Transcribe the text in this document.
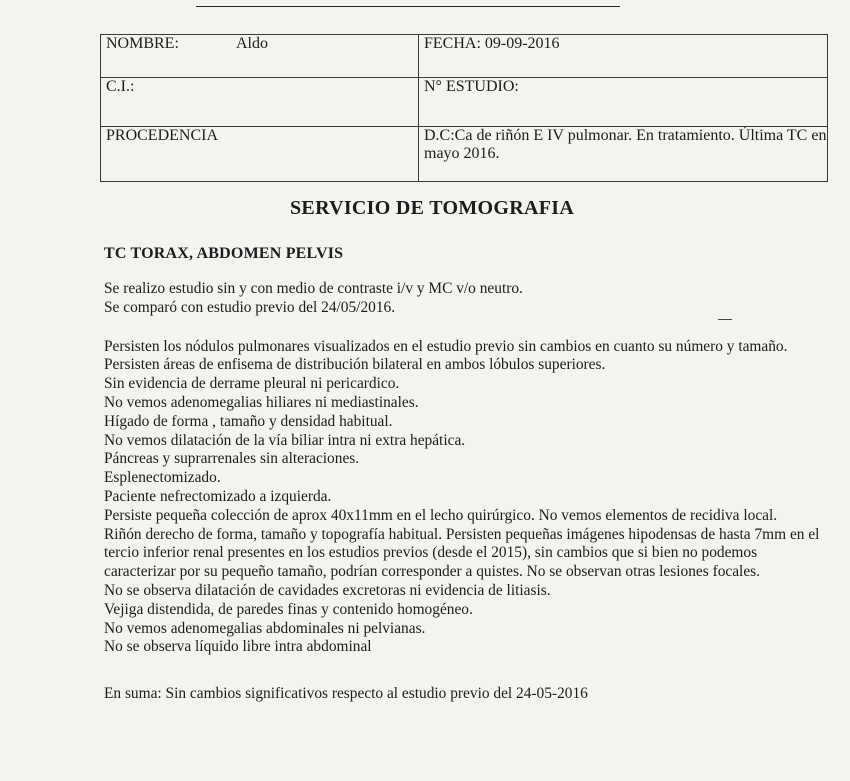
NOMBRE: Aldo	FECHA: 09-09-2016
C.I.:	N° ESTUDIO:
PROCEDENCIA	D.C:Ca de riñón E IV pulmonar. En tratamiento. Última TC en mayo 2016.
SERVICIO DE TOMOGRAFIA
TC TORAX, ABDOMEN PELVIS

Se realizo estudio sin y con medio de contraste i/v y MC v/o neutro.

Se comparó con estudio previo del 24/05/2016.

Persisten los nódulos pulmonares visualizados en el estudio previo sin cambios en cuanto su número y tamaño.

Persisten áreas de enfisema de distribución bilateral en ambos lóbulos superiores.

Sin evidencia de derrame pleural ni pericardico.

No vemos adenomegalias hiliares ni mediastinales.

Hígado de forma , tamaño y densidad habitual.

No vemos dilatación de la vía biliar intra ni extra hepática.

Páncreas y suprarrenales sin alteraciones.

Esplenectomizado.

Paciente nefrectomizado a izquierda.

Persiste pequeña colección de aprox 40x11mm en el lecho quirúrgico. No vemos elementos de recidiva local.

Riñón derecho de forma, tamaño y topografía habitual. Persisten pequeñas imágenes hipodensas de hasta 7mm en el tercio inferior renal presentes en los estudios previos (desde el 2015), sin cambios que si bien no podemos caracterizar por su pequeño tamaño, podrían corresponder a quistes. No se observan otras lesiones focales.

No se observa dilatación de cavidades excretoras ni evidencia de litiasis.

Vejiga distendida, de paredes finas y contenido homogéneo.

No vemos adenomegalias abdominales ni pelvianas.

No se observa líquido libre intra abdominal

En suma: Sin cambios significativos respecto al estudio previo del 24-05-2016
